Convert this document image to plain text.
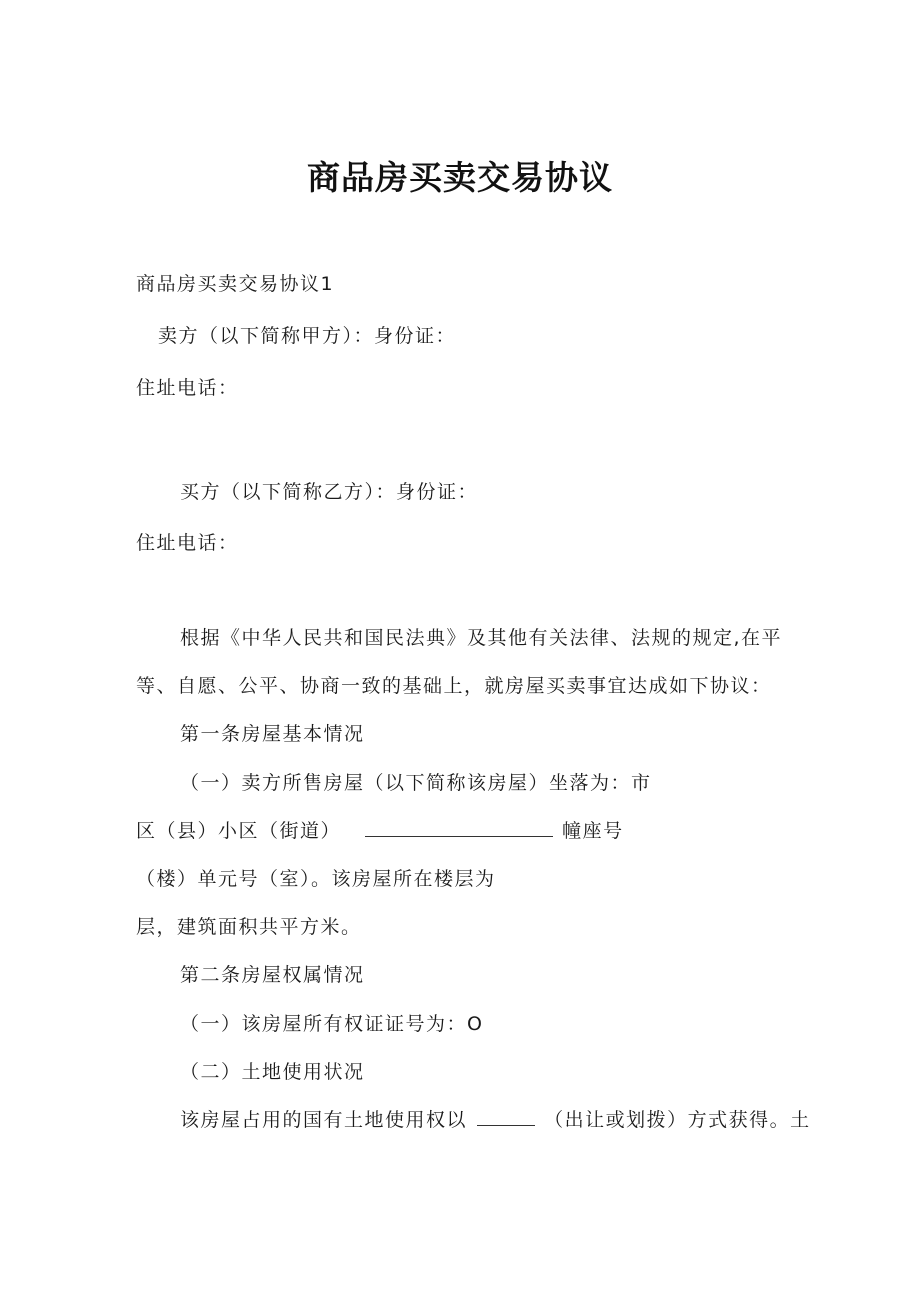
商品房买卖交易协议
商品房买卖交易协议1
卖方（以下简称甲方）：身份证：
住址电话：
买方（以下简称乙方）：身份证：
住址电话：
根据《中华人民共和国民法典》及其他有关法律、法规的规定,在平
等、自愿、公平、协商一致的基础上，就房屋买卖事宜达成如下协议：
第一条房屋基本情况
（一）卖方所售房屋（以下简称该房屋）坐落为：市
区（县）小区（街道）	幢座号
（楼）单元号（室）。该房屋所在楼层为
层，建筑面积共平方米。
第二条房屋权属情况
（一）该房屋所有权证证号为：O
（二）土地使用状况
该房屋占用的国有土地使用权以	（出让或划拨）方式获得。土
